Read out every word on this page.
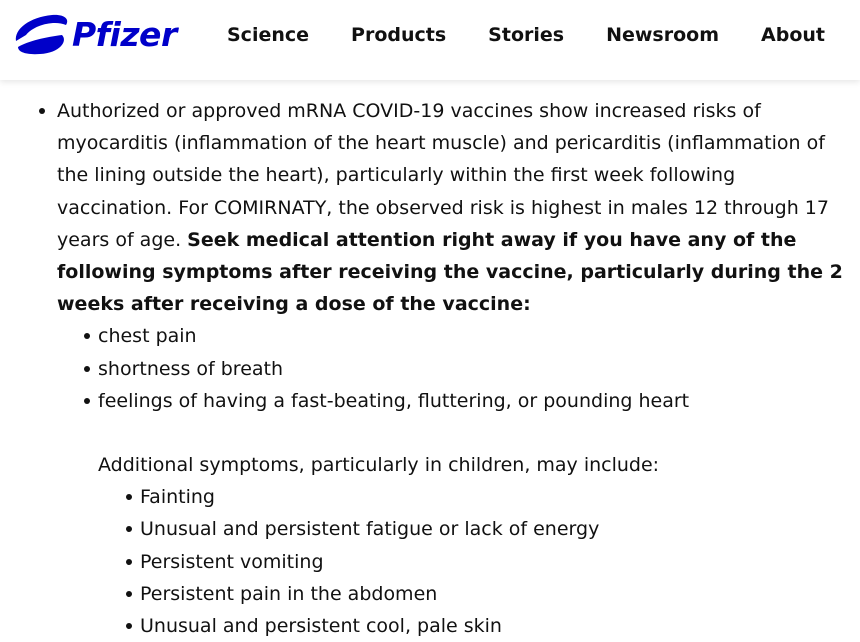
Pfizer	Science Products Stories Newsroom About
Authorized or approved mRNA COVID-19 vaccines show increased risks of myocarditis (inflammation of the heart muscle) and pericarditis (inflammation of the lining outside the heart), particularly within the first week following vaccination. For COMIRNATY, the observed risk is highest in males 12 through 17 years of age. Seek medical attention right away if you have any of the following symptoms after receiving the vaccine, particularly during the 2 weeks after receiving a dose of the vaccine:
chest pain
shortness of breath
feelings of having a fast-beating, fluttering, or pounding heart
Additional symptoms, particularly in children, may include:
Fainting
Unusual and persistent fatigue or lack of energy
Persistent vomiting
Persistent pain in the abdomen
Unusual and persistent cool, pale skin
